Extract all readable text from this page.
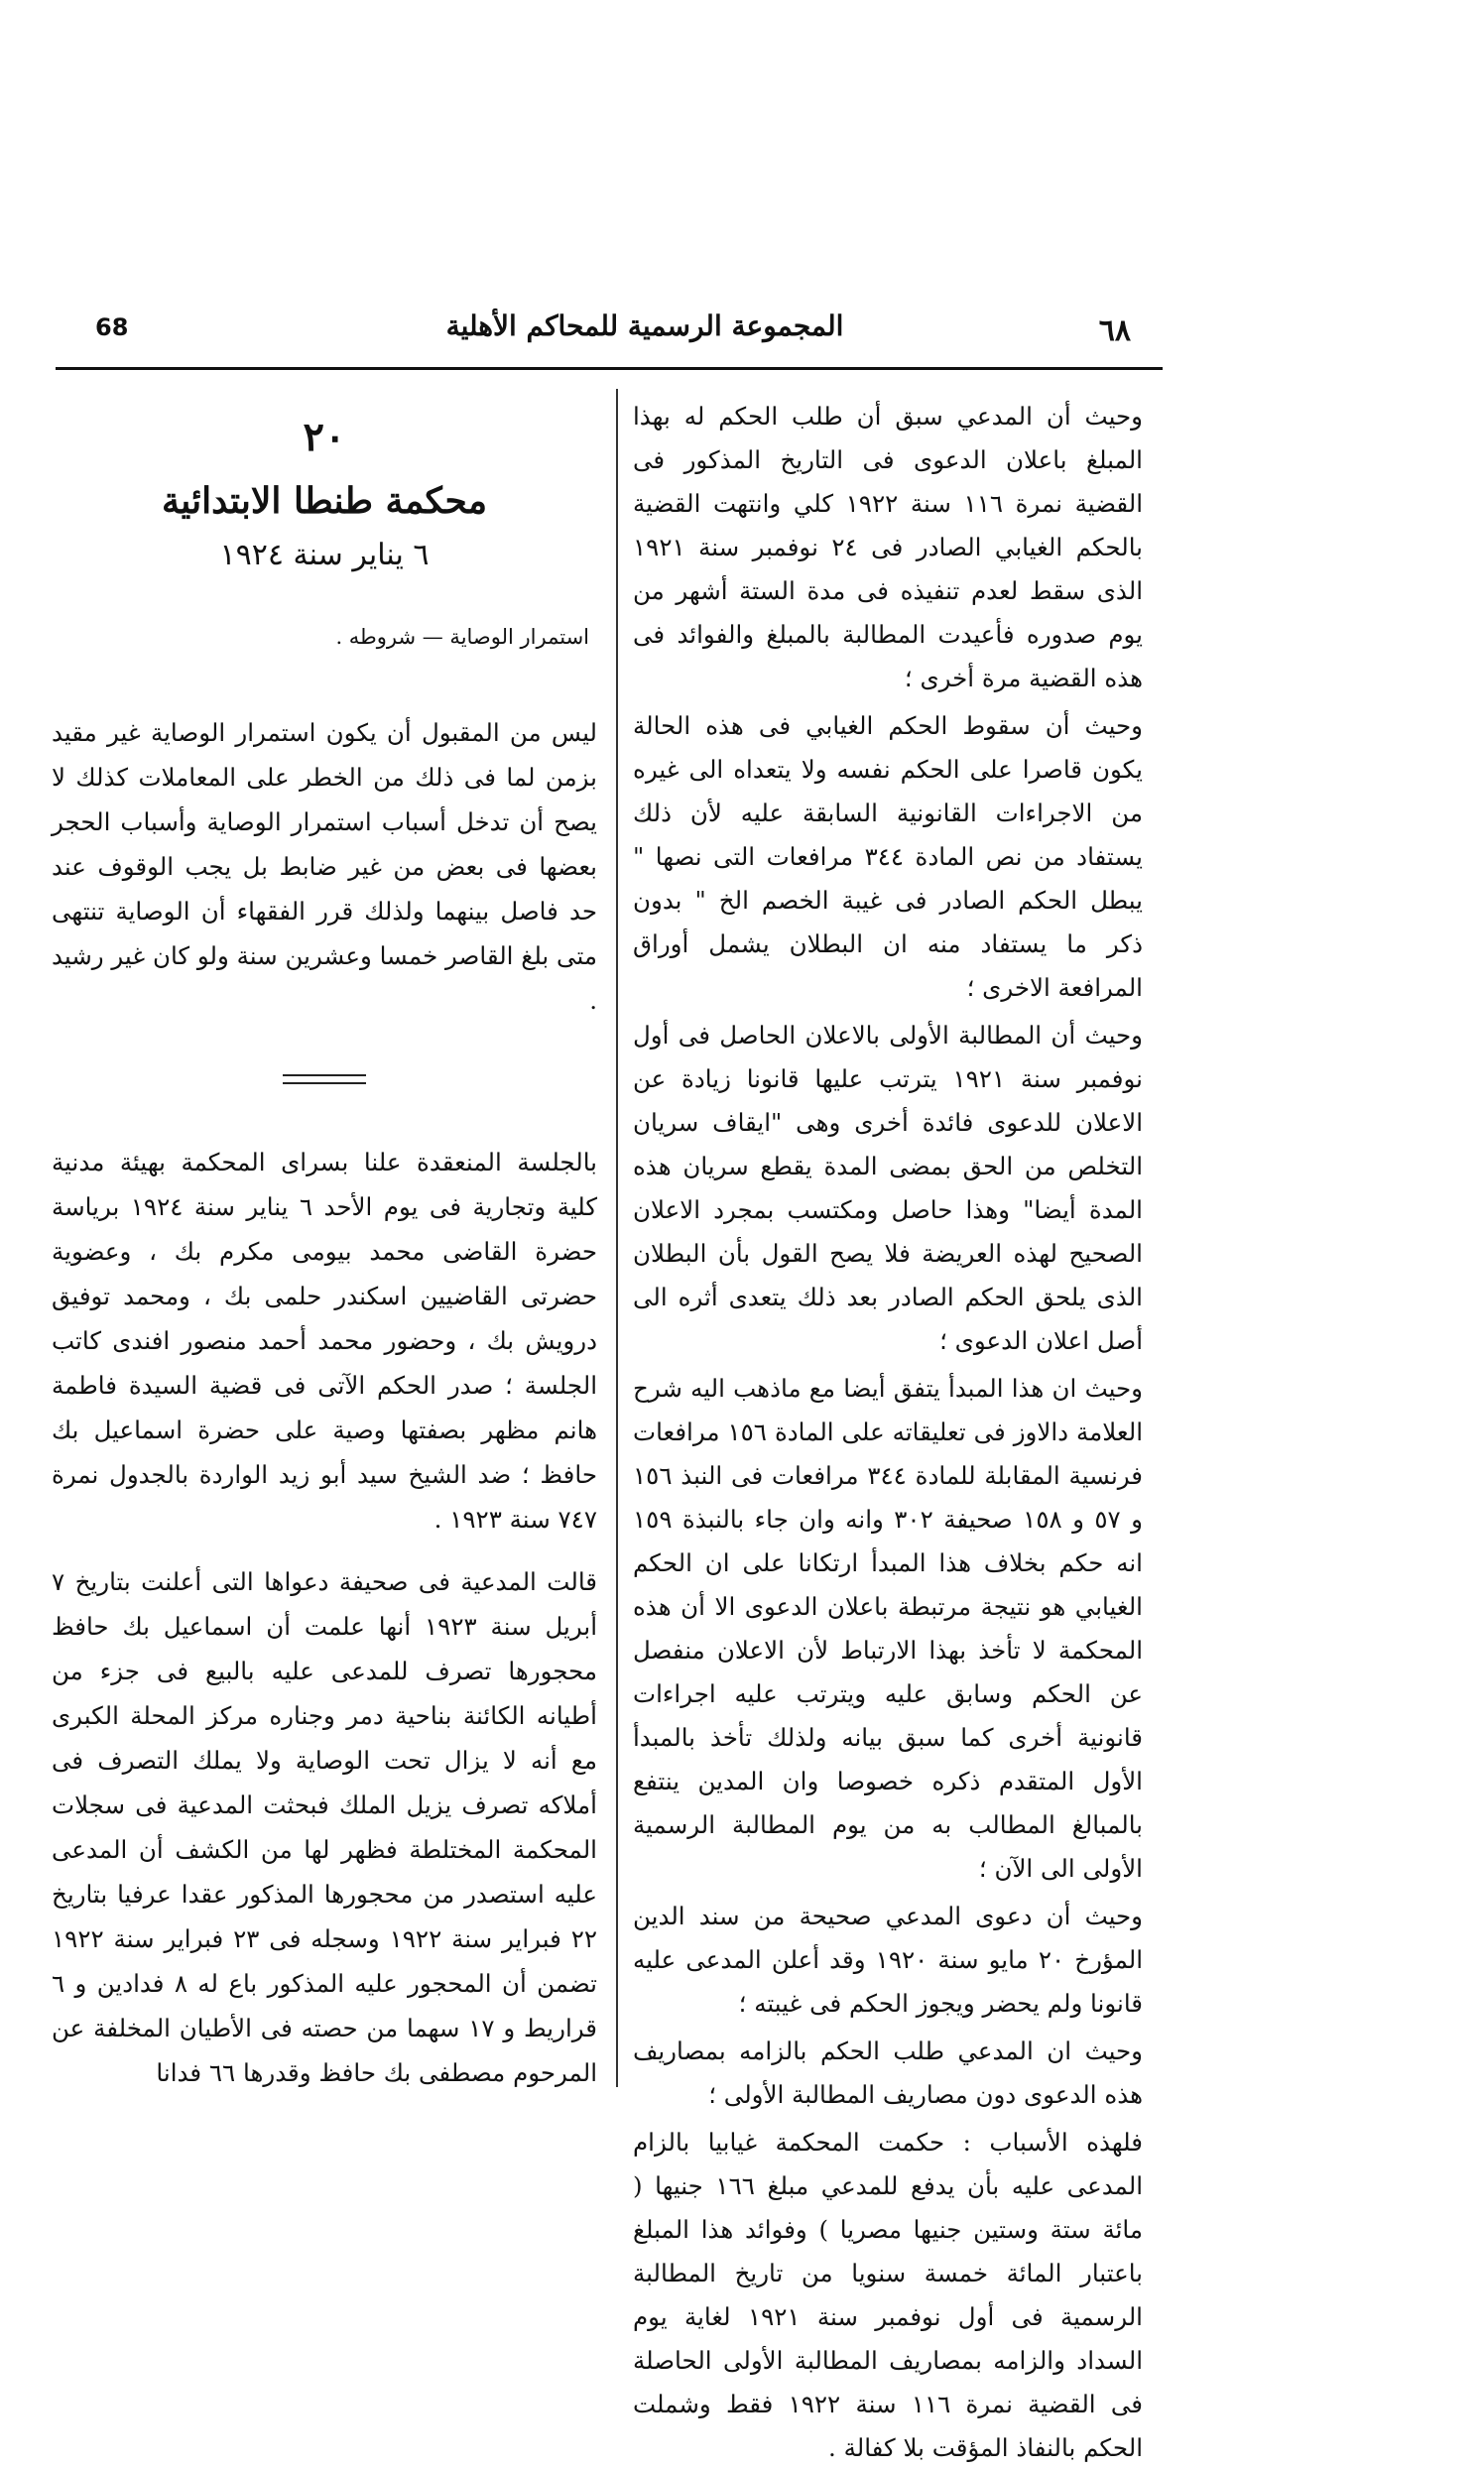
68	المجموعة الرسمية للمحاكم الأهلية	٦٨

وحيث أن المدعي سبق أن طلب الحكم له بهذا المبلغ باعلان الدعوى فى التاريخ المذكور فى القضية نمرة ١١٦ سنة ١٩٢٢ كلي وانتهت القضية بالحكم الغيابي الصادر فى ٢٤ نوفمبر سنة ١٩٢١ الذى سقط لعدم تنفيذه فى مدة الستة أشهر من يوم صدوره فأعيدت المطالبة بالمبلغ والفوائد فى هذه القضية مرة أخرى ؛

وحيث أن سقوط الحكم الغيابي فى هذه الحالة يكون قاصرا على الحكم نفسه ولا يتعداه الى غيره من الاجراءات القانونية السابقة عليه لأن ذلك يستفاد من نص المادة ٣٤٤ مرافعات التى نصها " يبطل الحكم الصادر فى غيبة الخصم الخ " بدون ذكر ما يستفاد منه ان البطلان يشمل أوراق المرافعة الاخرى ؛

وحيث أن المطالبة الأولى بالاعلان الحاصل فى أول نوفمبر سنة ١٩٢١ يترتب عليها قانونا زيادة عن الاعلان للدعوى فائدة أخرى وهى "ايقاف سريان التخلص من الحق بمضى المدة يقطع سريان هذه المدة أيضا" وهذا حاصل ومكتسب بمجرد الاعلان الصحيح لهذه العريضة فلا يصح القول بأن البطلان الذى يلحق الحكم الصادر بعد ذلك يتعدى أثره الى أصل اعلان الدعوى ؛

وحيث ان هذا المبدأ يتفق أيضا مع ماذهب اليه شرح العلامة دالاوز فى تعليقاته على المادة ١٥٦ مرافعات فرنسية المقابلة للمادة ٣٤٤ مرافعات فى النبذ ١٥٦ و ٥٧ و ١٥٨ صحيفة ٣٠٢ وانه وان جاء بالنبذة ١٥٩ انه حكم بخلاف هذا المبدأ ارتكانا على ان الحكم الغيابي هو نتيجة مرتبطة باعلان الدعوى الا أن هذه المحكمة لا تأخذ بهذا الارتباط لأن الاعلان منفصل عن الحكم وسابق عليه ويترتب عليه اجراءات قانونية أخرى كما سبق بيانه ولذلك تأخذ بالمبدأ الأول المتقدم ذكره خصوصا وان المدين ينتفع بالمبالغ المطالب به من يوم المطالبة الرسمية الأولى الى الآن ؛

وحيث أن دعوى المدعي صحيحة من سند الدين المؤرخ ٢٠ مايو سنة ١٩٢٠ وقد أعلن المدعى عليه قانونا ولم يحضر ويجوز الحكم فى غيبته ؛

وحيث ان المدعي طلب الحكم بالزامه بمصاريف هذه الدعوى دون مصاريف المطالبة الأولى ؛

فلهذه الأسباب : حكمت المحكمة غيابيا بالزام المدعى عليه بأن يدفع للمدعي مبلغ ١٦٦ جنيها ( مائة ستة وستين جنيها مصريا ) وفوائد هذا المبلغ باعتبار المائة خمسة سنويا من تاريخ المطالبة الرسمية فى أول نوفمبر سنة ١٩٢١ لغاية يوم السداد والزامه بمصاريف المطالبة الأولى الحاصلة فى القضية نمرة ١١٦ سنة ١٩٢٢ فقط وشملت الحكم بالنفاذ المؤقت بلا كفالة .

٢٠
محكمة طنطا الابتدائية
٦ يناير سنة ١٩٢٤
استمرار الوصاية — شروطه .

ليس من المقبول أن يكون استمرار الوصاية غير مقيد بزمن لما فى ذلك من الخطر على المعاملات كذلك لا يصح أن تدخل أسباب استمرار الوصاية وأسباب الحجر بعضها فى بعض من غير ضابط بل يجب الوقوف عند حد فاصل بينهما ولذلك قرر الفقهاء أن الوصاية تنتهى متى بلغ القاصر خمسا وعشرين سنة ولو كان غير رشيد .

بالجلسة المنعقدة علنا بسراى المحكمة بهيئة مدنية كلية وتجارية فى يوم الأحد ٦ يناير سنة ١٩٢٤ برياسة حضرة القاضى محمد بيومى مكرم بك ، وعضوية حضرتى القاضيين اسكندر حلمى بك ، ومحمد توفيق درويش بك ، وحضور محمد أحمد منصور افندى كاتب الجلسة ؛ صدر الحكم الآتى فى قضية السيدة فاطمة هانم مظهر بصفتها وصية على حضرة اسماعيل بك حافظ ؛ ضد الشيخ سيد أبو زيد الواردة بالجدول نمرة ٧٤٧ سنة ١٩٢٣ .

قالت المدعية فى صحيفة دعواها التى أعلنت بتاريخ ٧ أبريل سنة ١٩٢٣ أنها علمت أن اسماعيل بك حافظ محجورها تصرف للمدعى عليه بالبيع فى جزء من أطيانه الكائنة بناحية دمر وجناره مركز المحلة الكبرى مع أنه لا يزال تحت الوصاية ولا يملك التصرف فى أملاكه تصرف يزيل الملك فبحثت المدعية فى سجلات المحكمة المختلطة فظهر لها من الكشف أن المدعى عليه استصدر من محجورها المذكور عقدا عرفيا بتاريخ ٢٢ فبراير سنة ١٩٢٢ وسجله فى ٢٣ فبراير سنة ١٩٢٢ تضمن أن المحجور عليه المذكور باع له ٨ فدادين و ٦ قراريط و ١٧ سهما من حصته فى الأطيان المخلفة عن المرحوم مصطفى بك حافظ وقدرها ٦٦ فدانا
